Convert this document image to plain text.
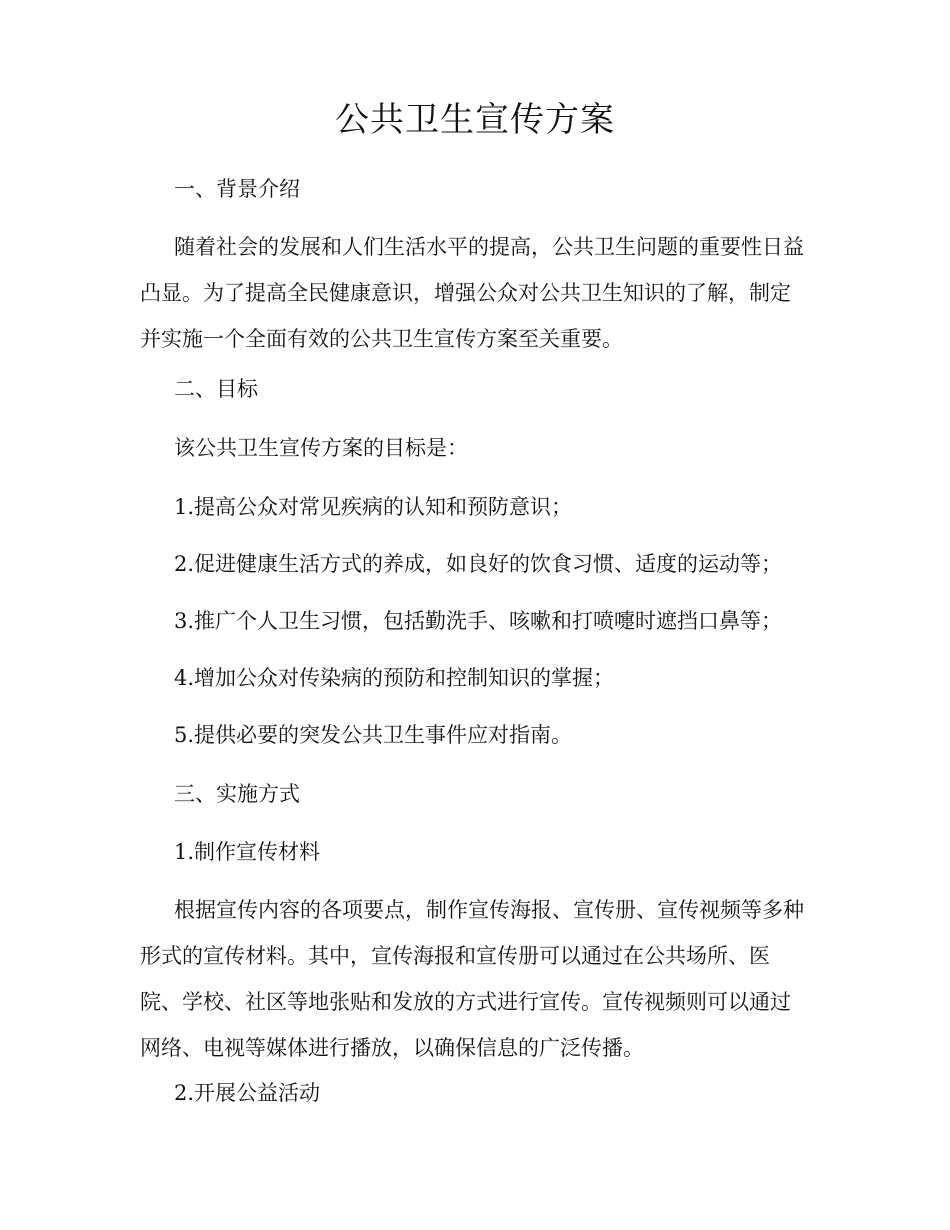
公共卫生宣传方案

一、背景介绍

随着社会的发展和人们生活水平的提高，公共卫生问题的重要性日益凸显。为了提高全民健康意识，增强公众对公共卫生知识的了解，制定并实施一个全面有效的公共卫生宣传方案至关重要。

二、目标

该公共卫生宣传方案的目标是：

1.提高公众对常见疾病的认知和预防意识；

2.促进健康生活方式的养成，如良好的饮食习惯、适度的运动等；

3.推广个人卫生习惯，包括勤洗手、咳嗽和打喷嚏时遮挡口鼻等；

4.增加公众对传染病的预防和控制知识的掌握；

5.提供必要的突发公共卫生事件应对指南。

三、实施方式

1.制作宣传材料

根据宣传内容的各项要点，制作宣传海报、宣传册、宣传视频等多种形式的宣传材料。其中，宣传海报和宣传册可以通过在公共场所、医院、学校、社区等地张贴和发放的方式进行宣传。宣传视频则可以通过网络、电视等媒体进行播放，以确保信息的广泛传播。

2.开展公益活动
